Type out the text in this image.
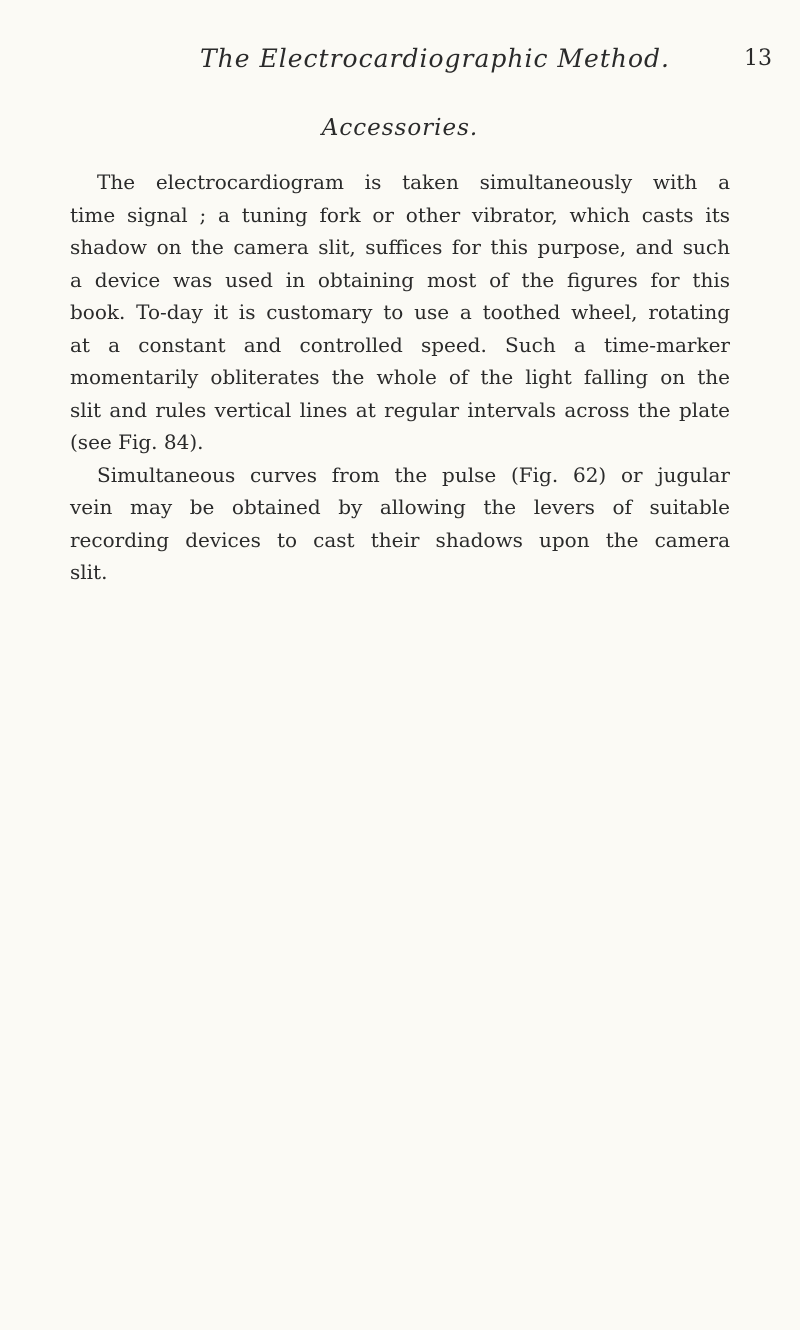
The Electrocardiographic Method.	13
Accessories.
The electrocardiogram is taken simultaneously with a
time signal ; a tuning fork or other vibrator, which casts its
shadow on the camera slit, suffices for this purpose, and such
a device was used in obtaining most of the figures for this
book. To-day it is customary to use a toothed wheel, rotating
at a constant and controlled speed. Such a time-marker
momentarily obliterates the whole of the light falling on the
slit and rules vertical lines at regular intervals across the plate
(see Fig. 84).
Simultaneous curves from the pulse (Fig. 62) or jugular
vein may be obtained by allowing the levers of suitable
recording devices to cast their shadows upon the camera
slit.
